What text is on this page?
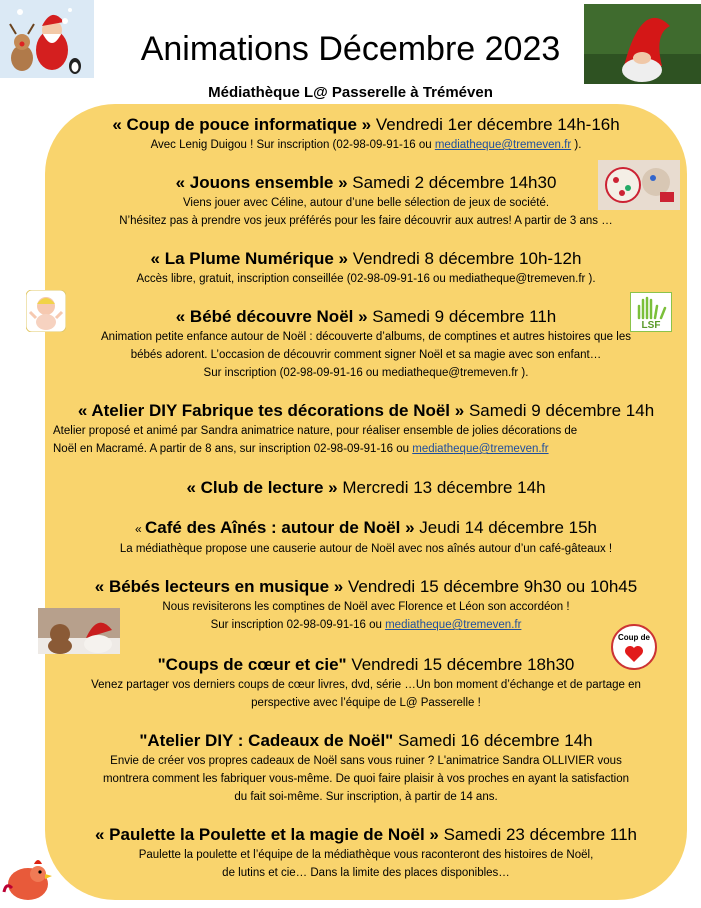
Animations Décembre 2023
Médiathèque L@ Passerelle à Tréméven
LSF
Coup de
« Coup de pouce informatique » Vendredi 1er décembre 14h-16h
Avec Lenig Duigou ! Sur inscription (02-98-09-91-16 ou mediatheque@tremeven.fr ).
« Jouons ensemble » Samedi 2 décembre 14h30
Viens jouer avec Céline, autour d’une belle sélection de jeux de société.
N’hésitez pas à prendre vos jeux préférés pour les faire découvrir aux autres! A partir de 3 ans …
« La Plume Numérique » Vendredi 8 décembre 10h-12h
Accès libre, gratuit, inscription conseillée (02-98-09-91-16 ou mediatheque@tremeven.fr ).
« Bébé découvre Noël » Samedi 9 décembre 11h
Animation petite enfance autour de Noël : découverte d’albums, de comptines et autres histoires que les
bébés adorent. L’occasion de découvrir comment signer Noël et sa magie avec son enfant…
Sur inscription (02-98-09-91-16 ou mediatheque@tremeven.fr ).
« Atelier DIY Fabrique tes décorations de Noël » Samedi 9 décembre 14h
Atelier proposé et animé par Sandra animatrice nature, pour réaliser ensemble de jolies décorations de
Noël en Macramé. A partir de 8 ans, sur inscription 02-98-09-91-16 ou mediatheque@tremeven.fr
« Club de lecture » Mercredi 13 décembre 14h
« Café des Aînés : autour de Noël » Jeudi 14 décembre 15h
La médiathèque propose une causerie autour de Noël avec nos aînés autour d’un café-gâteaux !
« Bébés lecteurs en musique » Vendredi 15 décembre 9h30 ou 10h45
Nous revisiterons les comptines de Noël avec Florence et Léon son accordéon !
Sur inscription 02-98-09-91-16 ou mediatheque@tremeven.fr
"Coups de cœur et cie" Vendredi 15 décembre 18h30
Venez partager vos derniers coups de cœur livres, dvd, série …Un bon moment d’échange et de partage en
perspective avec l’équipe de L@ Passerelle !
"Atelier DIY : Cadeaux de Noël" Samedi 16 décembre 14h
Envie de créer vos propres cadeaux de Noël sans vous ruiner ? L'animatrice Sandra OLLIVIER vous
montrera comment les fabriquer vous-même. De quoi faire plaisir à vos proches en ayant la satisfaction
du fait soi-même. Sur inscription, à partir de 14 ans.
« Paulette la Poulette et la magie de Noël » Samedi 23 décembre 11h
Paulette la poulette et l’équipe de la médiathèque vous raconteront des histoires de Noël,
de lutins et cie… Dans la limite des places disponibles…
